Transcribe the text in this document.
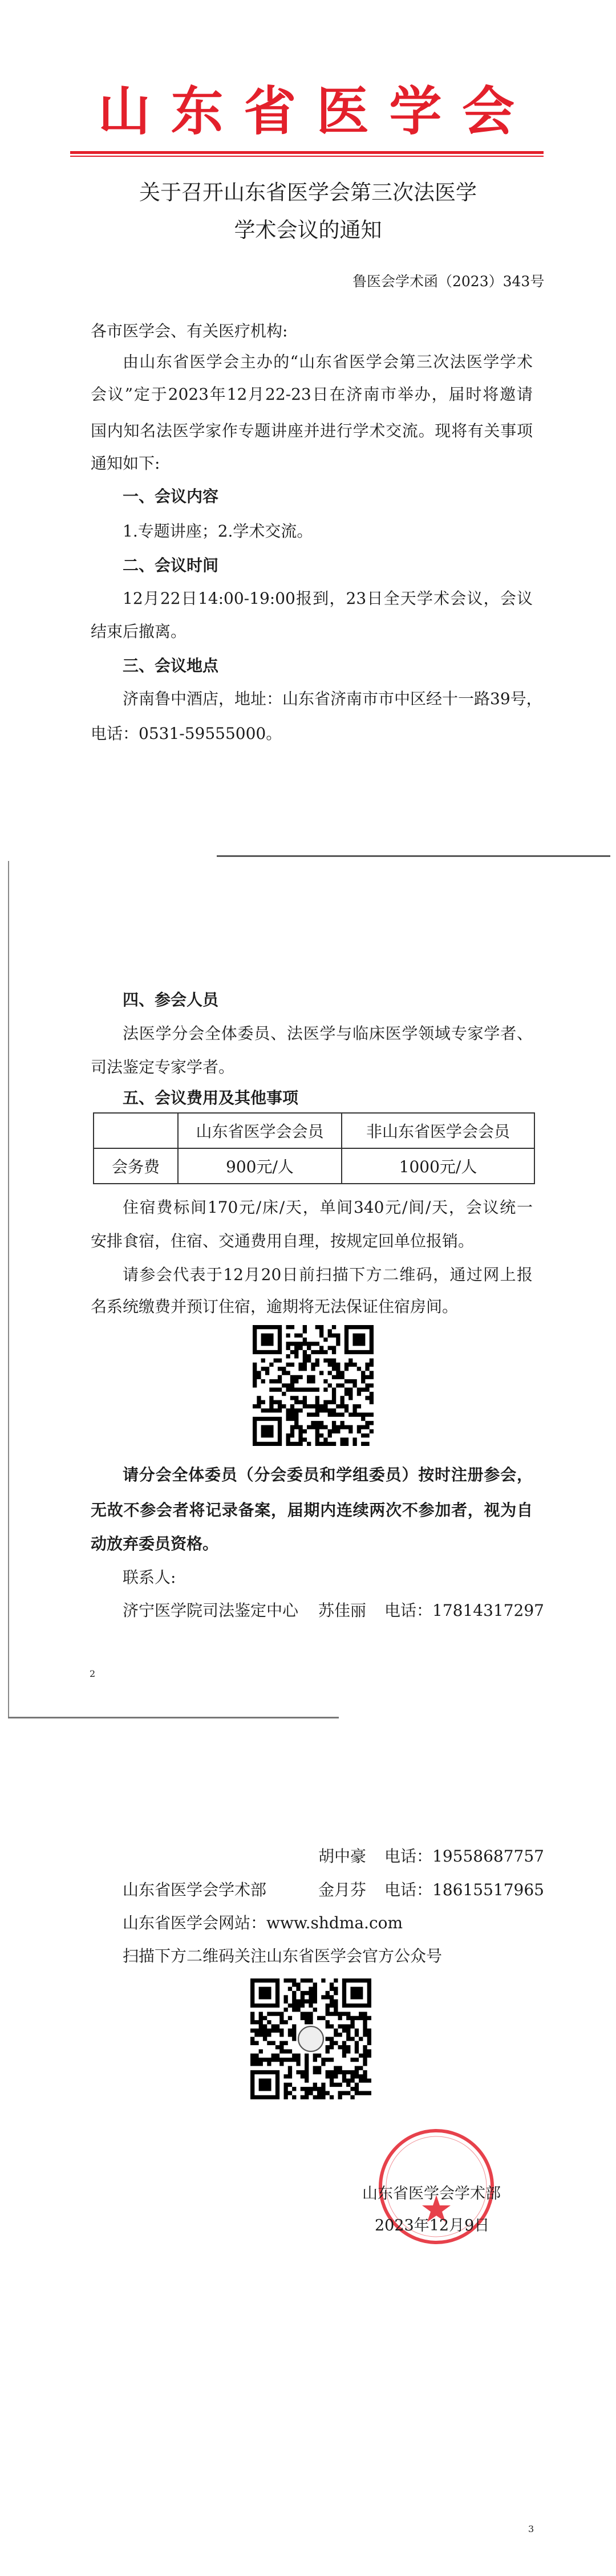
山东省医学会
关于召开山东省医学会第三次法医学
学术会议的通知
鲁医会学术函（2023）343号
各市医学会、有关医疗机构:
由山东省医学会主办的“山东省医学会第三次法医学学术
会议”定于2023年12月22-23日在济南市举办，届时将邀请
国内知名法医学家作专题讲座并进行学术交流。现将有关事项
通知如下:
一、会议内容
1.专题讲座；2.学术交流。
二、会议时间
12月22日14:00-19:00报到，23日全天学术会议，会议
结束后撤离。
三、会议地点
济南鲁中酒店，地址：山东省济南市市中区经十一路39号，
电话：0531-59555000。
四、参会人员
法医学分会全体委员、法医学与临床医学领域专家学者、
司法鉴定专家学者。
五、会议费用及其他事项
	山东省医学会会员	非山东省医学会会员
会务费	900元/人	1000元/人
住宿费标间170元/床/天，单间340元/间/天，会议统一
安排食宿，住宿、交通费用自理，按规定回单位报销。
请参会代表于12月20日前扫描下方二维码，通过网上报
名系统缴费并预订住宿，逾期将无法保证住宿房间。
请分会全体委员（分会委员和学组委员）按时注册参会，
无故不参会者将记录备案，届期内连续两次不参加者，视为自
动放弃委员资格。
联系人:
济宁医学院司法鉴定中心 苏佳丽 电话：17814317297
2
胡中豪 电话：19558687757
山东省医学会学术部	金月芬 电话：18615517965
山东省医学会网站：www.shdma.com
扫描下方二维码关注山东省医学会官方公众号
山东省医学会学术部
2023年12月9日
3
